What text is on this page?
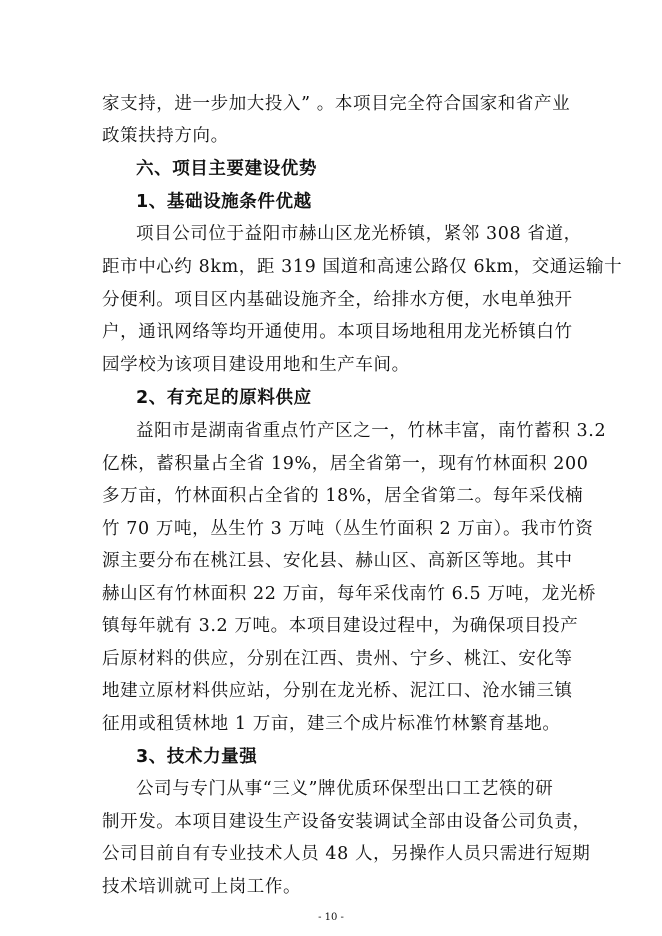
家支持，进一步加大投入” 。本项目完全符合国家和省产业
政策扶持方向。
六、项目主要建设优势
1、基础设施条件优越
项目公司位于益阳市赫山区龙光桥镇，紧邻 308 省道，
距市中心约 8km，距 319 国道和高速公路仅 6km，交通运输十
分便利。项目区内基础设施齐全，给排水方便，水电单独开
户，通讯网络等均开通使用。本项目场地租用龙光桥镇白竹
园学校为该项目建设用地和生产车间。
2、有充足的原料供应
益阳市是湖南省重点竹产区之一，竹林丰富，南竹蓄积 3.2
亿株，蓄积量占全省 19%，居全省第一，现有竹林面积 200
多万亩，竹林面积占全省的 18%，居全省第二。每年采伐楠
竹 70 万吨，丛生竹 3 万吨（丛生竹面积 2 万亩）。我市竹资
源主要分布在桃江县、安化县、赫山区、高新区等地。其中
赫山区有竹林面积 22 万亩，每年采伐南竹 6.5 万吨，龙光桥
镇每年就有 3.2 万吨。本项目建设过程中，为确保项目投产
后原材料的供应，分别在江西、贵州、宁乡、桃江、安化等
地建立原材料供应站，分别在龙光桥、泥江口、沧水铺三镇
征用或租赁林地 1 万亩，建三个成片标准竹林繁育基地。
3、技术力量强
公司与专门从事“三义”牌优质环保型出口工艺筷的研
制开发。本项目建设生产设备安装调试全部由设备公司负责，
公司目前自有专业技术人员 48 人，另操作人员只需进行短期
技术培训就可上岗工作。
- 10 -
